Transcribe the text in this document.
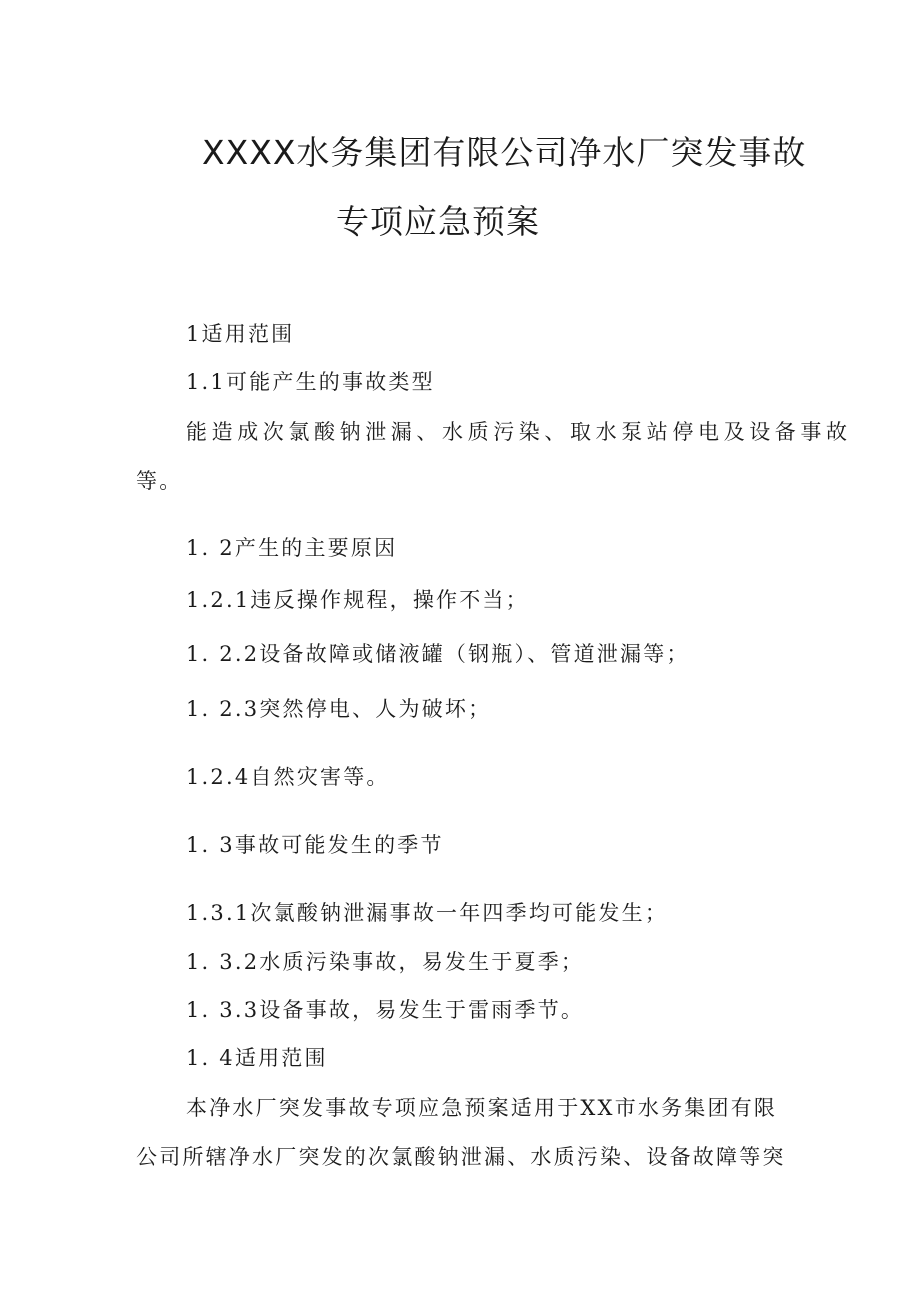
XXXX水务集团有限公司净水厂突发事故
专项应急预案

1适用范围

1.1可能产生的事故类型

能造成次氯酸钠泄漏、水质污染、取水泵站停电及设备事故

等。

1. 2产生的主要原因

1.2.1违反操作规程，操作不当；

1. 2.2设备故障或储液罐（钢瓶）、管道泄漏等；

1. 2.3突然停电、人为破坏；

1.2.4自然灾害等。

1. 3事故可能发生的季节

1.3.1次氯酸钠泄漏事故一年四季均可能发生；

1. 3.2水质污染事故，易发生于夏季；

1. 3.3设备事故，易发生于雷雨季节。

1. 4适用范围

本净水厂突发事故专项应急预案适用于XX市水务集团有限

公司所辖净水厂突发的次氯酸钠泄漏、水质污染、设备故障等突
